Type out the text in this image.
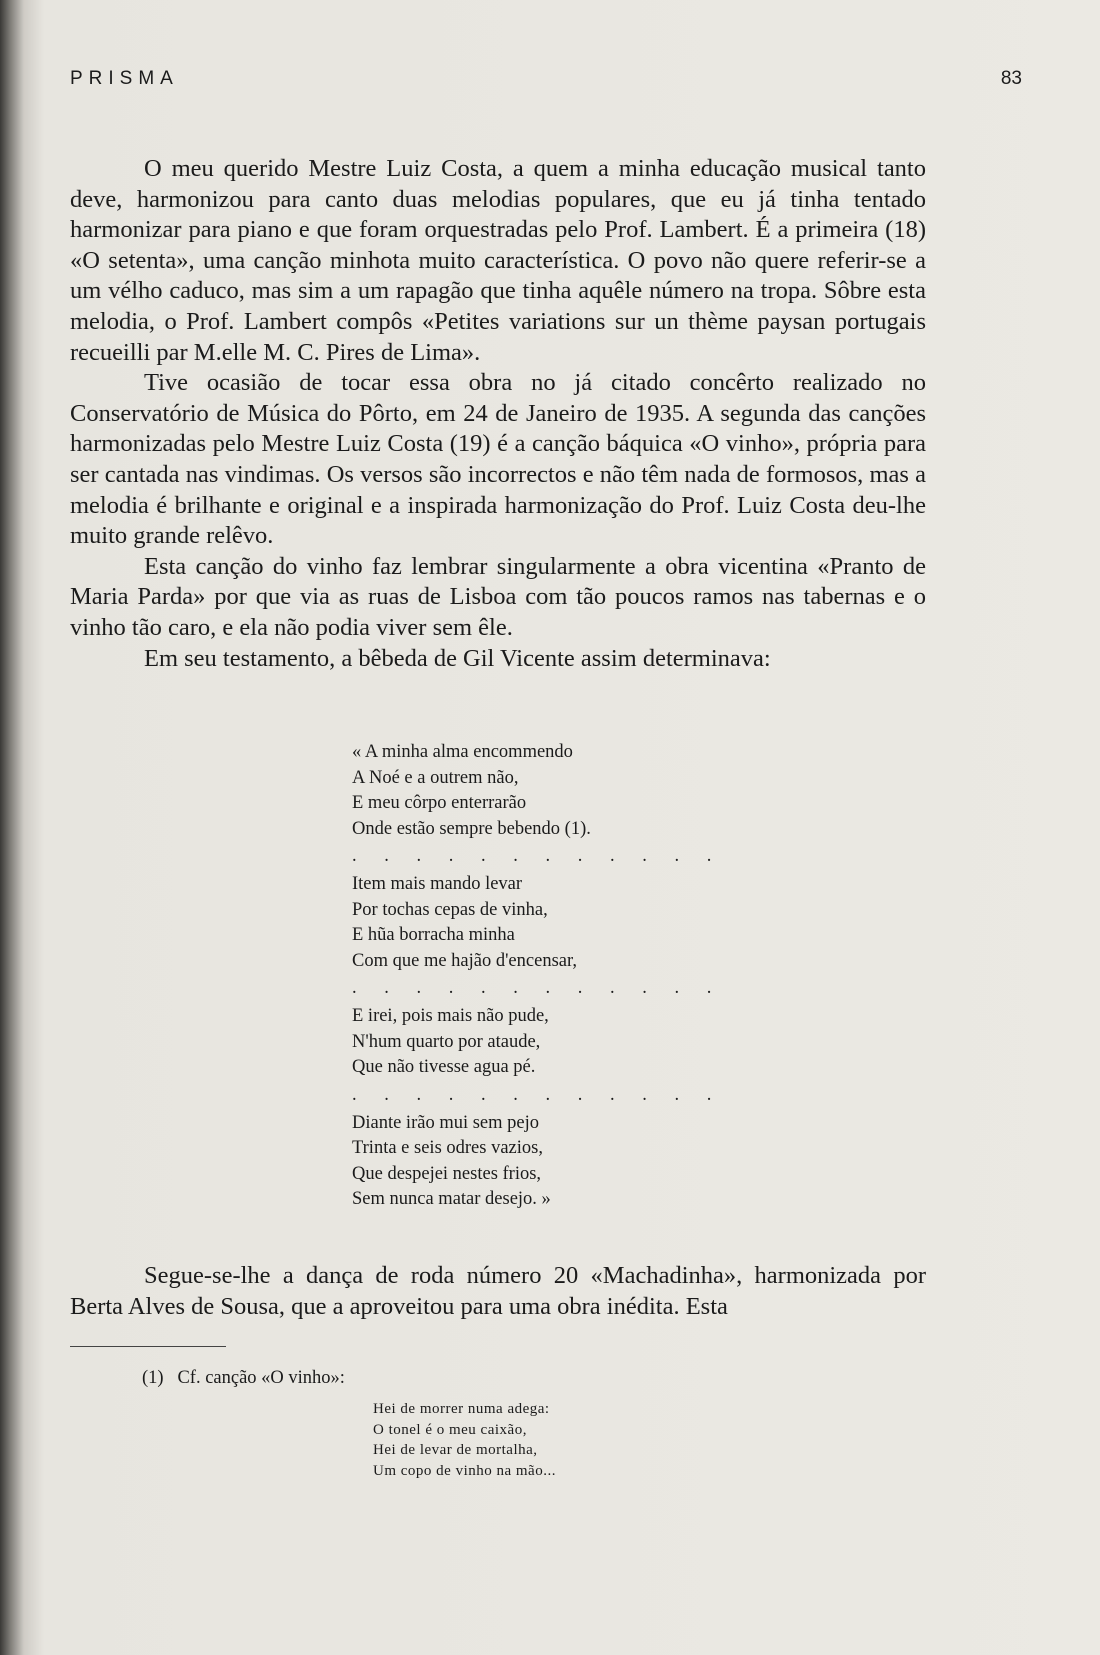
PRISMA	83

O meu querido Mestre Luiz Costa, a quem a minha educação musical tanto deve, harmonizou para canto duas melodias populares, que eu já tinha tentado harmonizar para piano e que foram orquestradas pelo Prof. Lambert. É a primeira (18) «O setenta», uma canção minhota muito característica. O povo não quere referir-se a um vélho caduco, mas sim a um rapagão que tinha aquêle número na tropa. Sôbre esta melodia, o Prof. Lambert compôs «Petites variations sur un thème paysan portugais recueilli par M.elle M. C. Pires de Lima».

Tive ocasião de tocar essa obra no já citado concêrto realizado no Conservatório de Música do Pôrto, em 24 de Janeiro de 1935. A segunda das canções harmonizadas pelo Mestre Luiz Costa (19) é a canção báquica «O vinho», própria para ser cantada nas vindimas. Os versos são incorrectos e não têm nada de formosos, mas a melodia é brilhante e original e a inspirada harmonização do Prof. Luiz Costa deu-lhe muito grande relêvo.

Esta canção do vinho faz lembrar singularmente a obra vicentina «Pranto de Maria Parda» por que via as ruas de Lisboa com tão poucos ramos nas tabernas e o vinho tão caro, e ela não podia viver sem êle.

Em seu testamento, a bêbeda de Gil Vicente assim determinava:

« A minha alma encommendo
A Noé e a outrem não,
E meu côrpo enterrarão
Onde estão sempre bebendo (1).
. . . . . . . . . . . .
Item mais mando levar
Por tochas cepas de vinha,
E hũa borracha minha
Com que me hajão d'encensar,
. . . . . . . . . . . .
E irei, pois mais não pude,
N'hum quarto por ataude,
Que não tivesse agua pé.
. . . . . . . . . . . .
Diante irão mui sem pejo
Trinta e seis odres vazios,
Que despejei nestes frios,
Sem nunca matar desejo. »
Segue-se-lhe a dança de roda número 20 «Machadinha», harmonizada por Berta Alves de Sousa, que a aproveitou para uma obra inédita. Esta
(1) Cf. canção «O vinho»:
Hei de morrer numa adega:
O tonel é o meu caixão,
Hei de levar de mortalha,
Um copo de vinho na mão...
